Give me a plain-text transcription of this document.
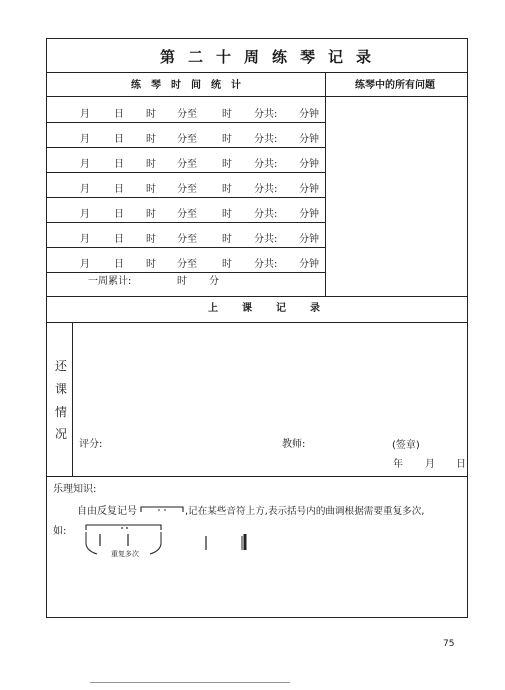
第二十周练琴记录
练琴时间统计	练琴中的所有问题
月 日 时 分至	时 分共: 分钟
月 日 时 分至	时 分共: 分钟
月 日 时 分至	时 分共: 分钟
月 日 时 分至	时 分共: 分钟
月 日 时 分至	时 分共: 分钟
月 日 时 分至	时 分共: 分钟
月 日 时 分至	时 分共: 分钟
一周累计:	时 分
上课记录
还
课
情
况
评分:	教师:	(签章)
年 月 日
乐理知识:
自由反复记号	,记在某些音符上方,表示括号内的曲调根据需要重复多次,
如:
重复多次
75
